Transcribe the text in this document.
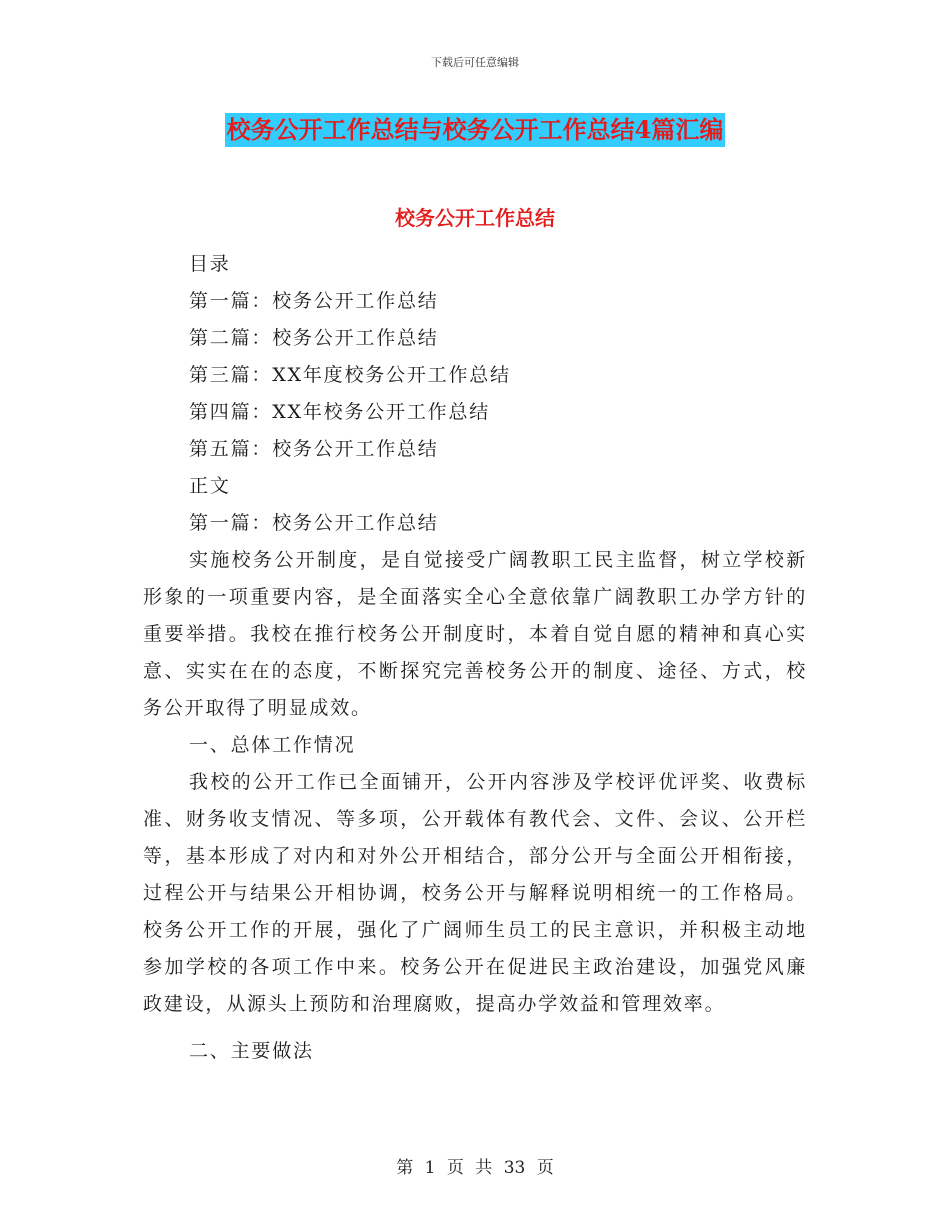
下载后可任意编辑
校务公开工作总结与校务公开工作总结4篇汇编
校务公开工作总结

目录

第一篇：校务公开工作总结

第二篇：校务公开工作总结

第三篇：XX年度校务公开工作总结

第四篇：XX年校务公开工作总结

第五篇：校务公开工作总结

正文

第一篇：校务公开工作总结

实施校务公开制度，是自觉接受广阔教职工民主监督，树立学校新形象的一项重要内容，是全面落实全心全意依靠广阔教职工办学方针的重要举措。我校在推行校务公开制度时，本着自觉自愿的精神和真心实意、实实在在的态度，不断探究完善校务公开的制度、途径、方式，校务公开取得了明显成效。

一、总体工作情况

我校的公开工作已全面铺开，公开内容涉及学校评优评奖、收费标准、财务收支情况、等多项，公开载体有教代会、文件、会议、公开栏等，基本形成了对内和对外公开相结合，部分公开与全面公开相衔接，过程公开与结果公开相协调，校务公开与解释说明相统一的工作格局。校务公开工作的开展，强化了广阔师生员工的民主意识，并积极主动地参加学校的各项工作中来。校务公开在促进民主政治建设，加强党风廉政建设，从源头上预防和治理腐败，提高办学效益和管理效率。

二、主要做法

第 1 页 共 33 页
